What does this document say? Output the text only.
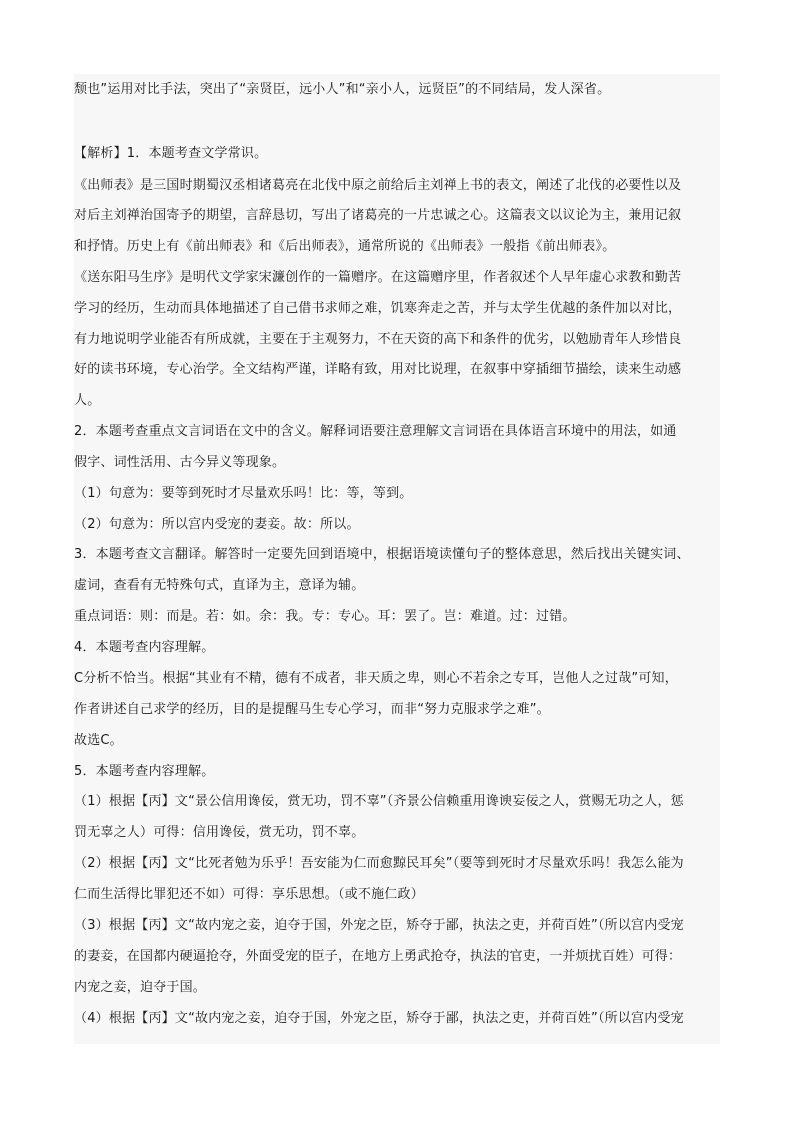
颓也”运用对比手法，突出了“亲贤臣，远小人”和“亲小人，远贤臣”的不同结局，发人深省。
【解析】1．本题考查文学常识。
《出师表》是三国时期蜀汉丞相诸葛亮在北伐中原之前给后主刘禅上书的表文，阐述了北伐的必要性以及
对后主刘禅治国寄予的期望，言辞恳切，写出了诸葛亮的一片忠诚之心。这篇表文以议论为主，兼用记叙
和抒情。历史上有《前出师表》和《后出师表》，通常所说的《出师表》一般指《前出师表》。
《送东阳马生序》是明代文学家宋濂创作的一篇赠序。在这篇赠序里，作者叙述个人早年虚心求教和勤苦
学习的经历，生动而具体地描述了自己借书求师之难，饥寒奔走之苦，并与太学生优越的条件加以对比，
有力地说明学业能否有所成就，主要在于主观努力，不在天资的高下和条件的优劣，以勉励青年人珍惜良
好的读书环境，专心治学。全文结构严谨，详略有致，用对比说理，在叙事中穿插细节描绘，读来生动感
人。
2．本题考查重点文言词语在文中的含义。解释词语要注意理解文言词语在具体语言环境中的用法，如通
假字、词性活用、古今异义等现象。
（1）句意为：要等到死时才尽量欢乐吗！比：等，等到。
（2）句意为：所以宫内受宠的妻妾。故：所以。
3．本题考查文言翻译。解答时一定要先回到语境中，根据语境读懂句子的整体意思，然后找出关键实词、
虚词，查看有无特殊句式，直译为主，意译为辅。
重点词语：则：而是。若：如。余：我。专：专心。耳：罢了。岂：难道。过：过错。
4．本题考查内容理解。
C分析不恰当。根据“其业有不精，德有不成者，非天质之卑，则心不若余之专耳，岂他人之过哉”可知，
作者讲述自己求学的经历，目的是提醒马生专心学习，而非“努力克服求学之难”。
故选C。
5．本题考查内容理解。
（1）根据【丙】文“景公信用谗佞，赏无功，罚不辜”（齐景公信赖重用谗谀妄佞之人，赏赐无功之人，惩
罚无辜之人）可得：信用谗佞，赏无功，罚不辜。
（2）根据【丙】文“比死者勉为乐乎！吾安能为仁而愈黥民耳矣”（要等到死时才尽量欢乐吗！我怎么能为
仁而生活得比罪犯还不如）可得：享乐思想。（或不施仁政）
（3）根据【丙】文“故内宠之妾，迫夺于国，外宠之臣，矫夺于鄙，执法之吏，并荷百姓”（所以宫内受宠
的妻妾，在国都内硬逼抢夺，外面受宠的臣子，在地方上勇武抢夺，执法的官吏，一并烦扰百姓）可得：
内宠之妾，迫夺于国。
（4）根据【丙】文“故内宠之妾，迫夺于国，外宠之臣，矫夺于鄙，执法之吏，并荷百姓”（所以宫内受宠
